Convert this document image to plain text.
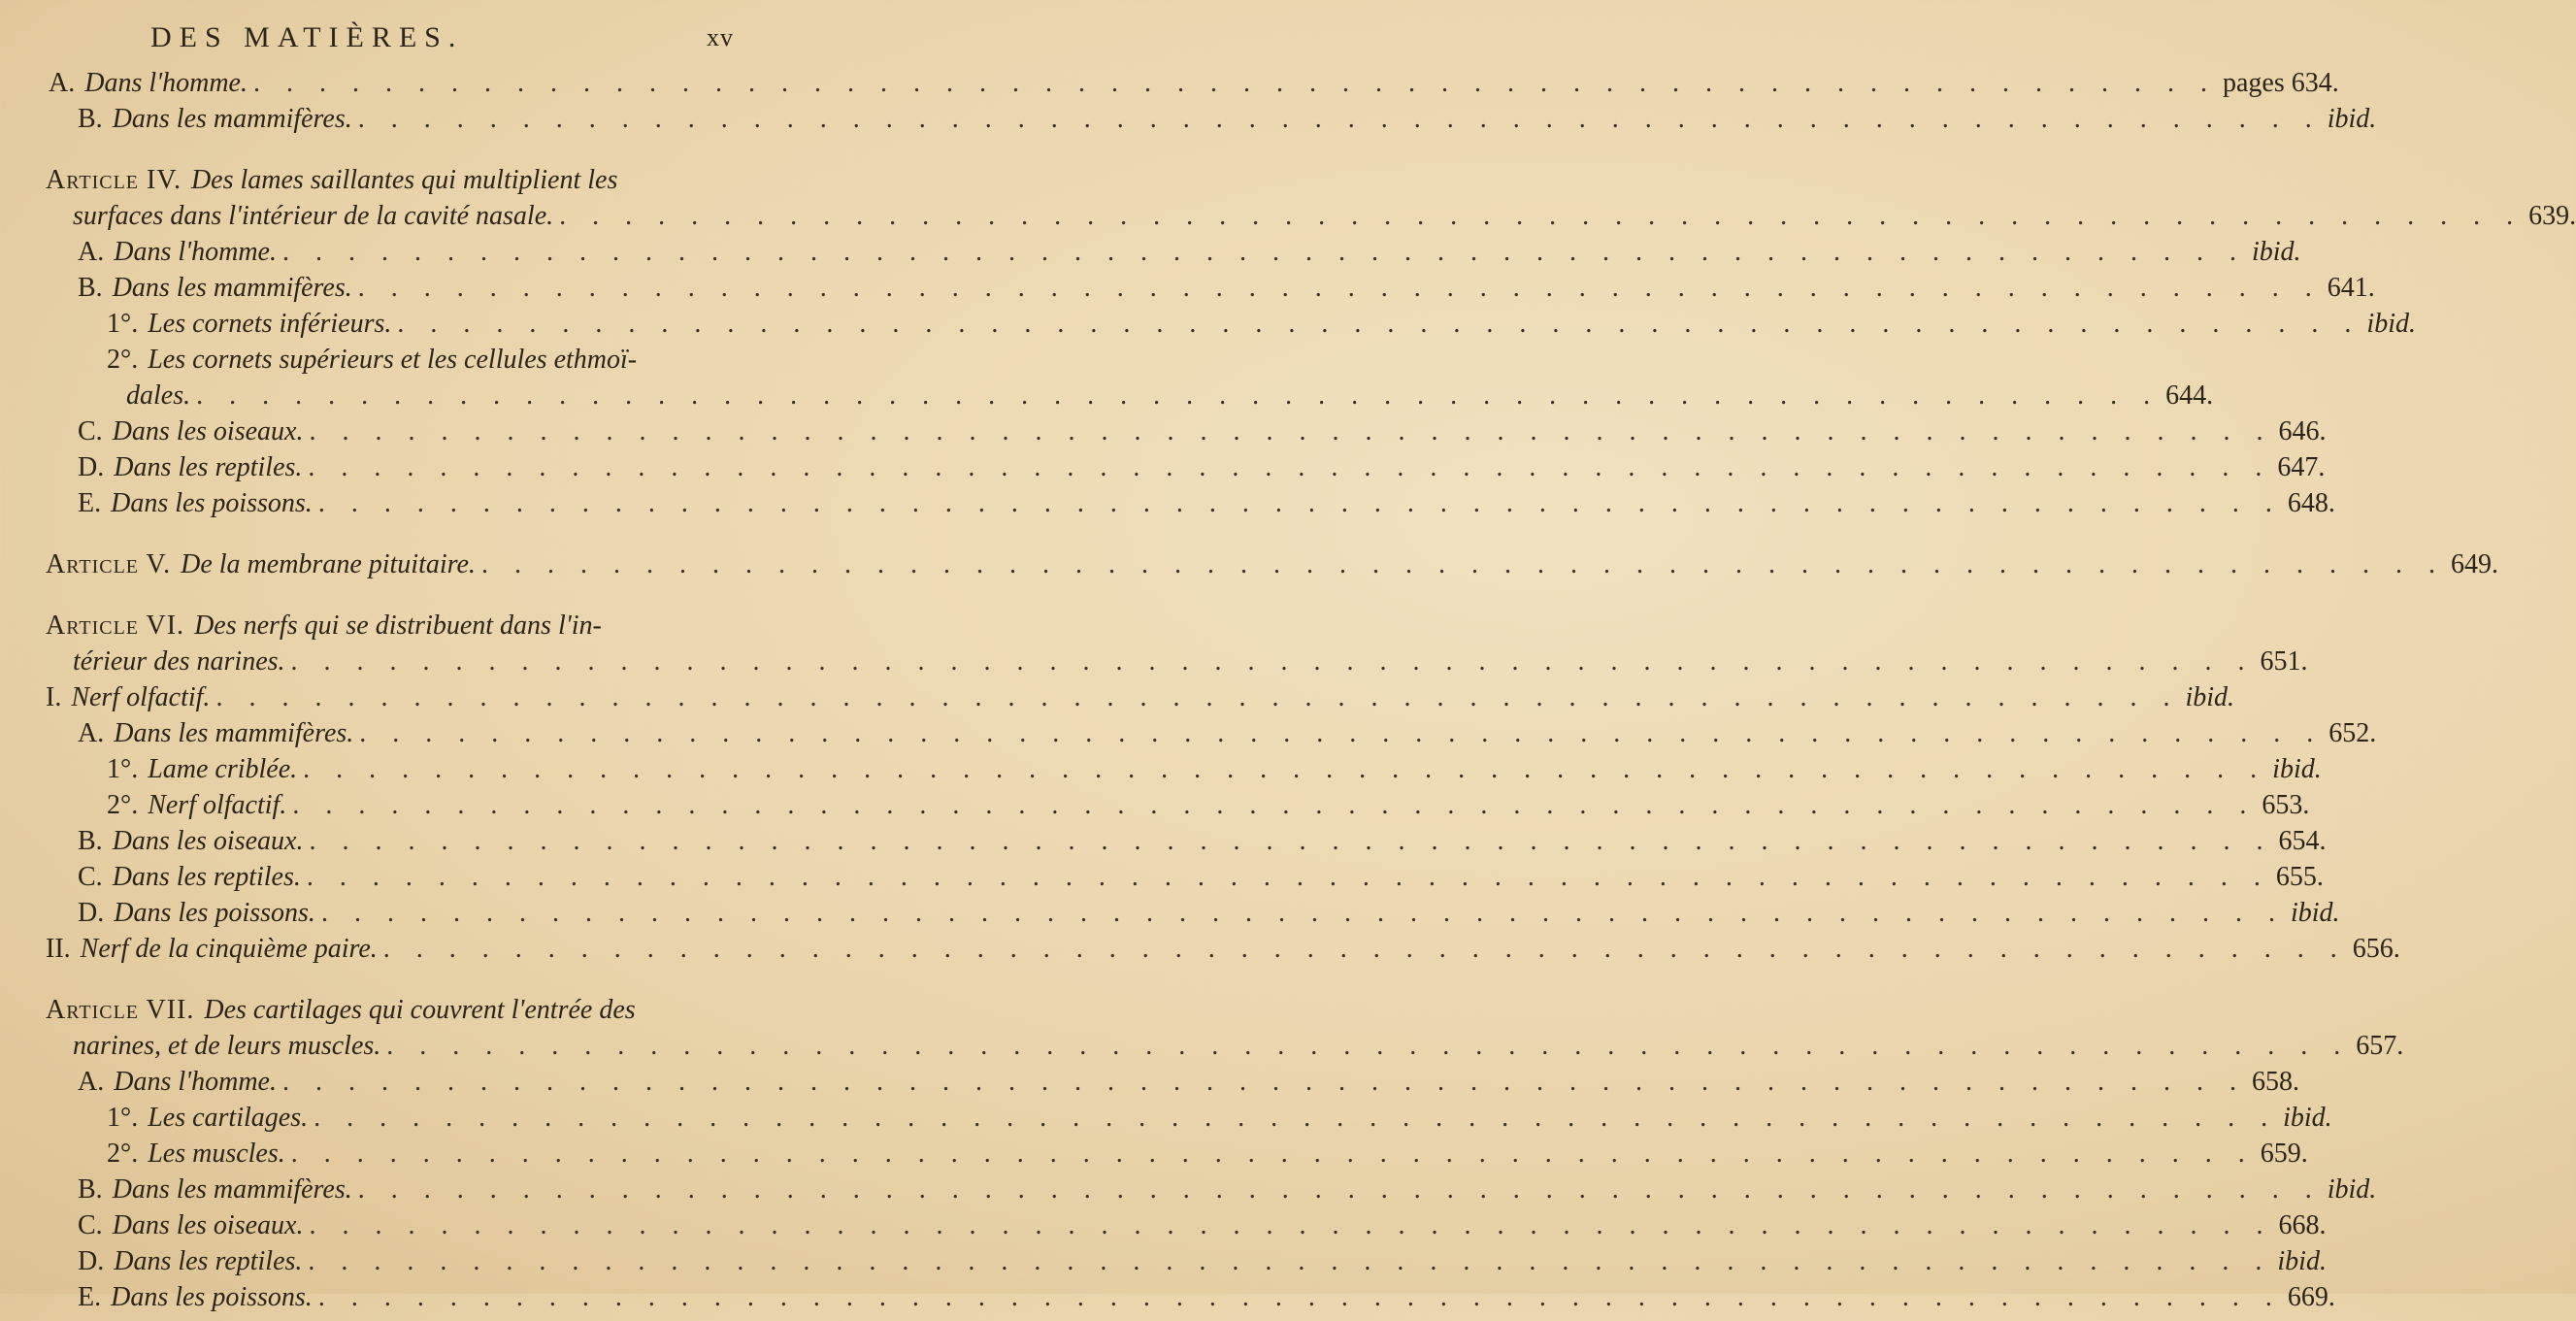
DES MATIÈRES.	xv
A. Dans l'homme. . . . . . . . . . . . . . . . . . . . . . . . . . . . . . . . . . . . . . . . . . . . . . . . . . . . . . . . . . . . . pages 634.
B. Dans les mammifères. . . . . . . . . . . . . . . . . . . . . . . . . . . . . . . . . . . . . . . . . . . . . . . . . . . . . . . . . . . . . ibid.
Article IV. Des lames saillantes qui multiplient les
surfaces dans l'intérieur de la cavité nasale. . . . . . . . . . . . . . . . . . . . . . . . . . . . . . . . . . . . . . . . . . . . . . . . . . . . . . . . . . . . . 639.
A. Dans l'homme. . . . . . . . . . . . . . . . . . . . . . . . . . . . . . . . . . . . . . . . . . . . . . . . . . . . . . . . . . . . . ibid.
B. Dans les mammifères. . . . . . . . . . . . . . . . . . . . . . . . . . . . . . . . . . . . . . . . . . . . . . . . . . . . . . . . . . . . . 641.
1°. Les cornets inférieurs. . . . . . . . . . . . . . . . . . . . . . . . . . . . . . . . . . . . . . . . . . . . . . . . . . . . . . . . . . . . . ibid.
2°. Les cornets supérieurs et les cellules ethmoï-
dales. . . . . . . . . . . . . . . . . . . . . . . . . . . . . . . . . . . . . . . . . . . . . . . . . . . . . . . . . . . . . 644.
C. Dans les oiseaux. . . . . . . . . . . . . . . . . . . . . . . . . . . . . . . . . . . . . . . . . . . . . . . . . . . . . . . . . . . . . 646.
D. Dans les reptiles. . . . . . . . . . . . . . . . . . . . . . . . . . . . . . . . . . . . . . . . . . . . . . . . . . . . . . . . . . . . . 647.
E. Dans les poissons. . . . . . . . . . . . . . . . . . . . . . . . . . . . . . . . . . . . . . . . . . . . . . . . . . . . . . . . . . . . . 648.
Article V. De la membrane pituitaire. . . . . . . . . . . . . . . . . . . . . . . . . . . . . . . . . . . . . . . . . . . . . . . . . . . . . . . . . . . . . 649.
Article VI. Des nerfs qui se distribuent dans l'in-
térieur des narines. . . . . . . . . . . . . . . . . . . . . . . . . . . . . . . . . . . . . . . . . . . . . . . . . . . . . . . . . . . . . 651.
I. Nerf olfactif. . . . . . . . . . . . . . . . . . . . . . . . . . . . . . . . . . . . . . . . . . . . . . . . . . . . . . . . . . . . . ibid.
A. Dans les mammifères. . . . . . . . . . . . . . . . . . . . . . . . . . . . . . . . . . . . . . . . . . . . . . . . . . . . . . . . . . . . . 652.
1°. Lame criblée. . . . . . . . . . . . . . . . . . . . . . . . . . . . . . . . . . . . . . . . . . . . . . . . . . . . . . . . . . . . . ibid.
2°. Nerf olfactif. . . . . . . . . . . . . . . . . . . . . . . . . . . . . . . . . . . . . . . . . . . . . . . . . . . . . . . . . . . . . 653.
B. Dans les oiseaux. . . . . . . . . . . . . . . . . . . . . . . . . . . . . . . . . . . . . . . . . . . . . . . . . . . . . . . . . . . . . 654.
C. Dans les reptiles. . . . . . . . . . . . . . . . . . . . . . . . . . . . . . . . . . . . . . . . . . . . . . . . . . . . . . . . . . . . . 655.
D. Dans les poissons. . . . . . . . . . . . . . . . . . . . . . . . . . . . . . . . . . . . . . . . . . . . . . . . . . . . . . . . . . . . . ibid.
II. Nerf de la cinquième paire. . . . . . . . . . . . . . . . . . . . . . . . . . . . . . . . . . . . . . . . . . . . . . . . . . . . . . . . . . . . . 656.
Article VII. Des cartilages qui couvrent l'entrée des
narines, et de leurs muscles. . . . . . . . . . . . . . . . . . . . . . . . . . . . . . . . . . . . . . . . . . . . . . . . . . . . . . . . . . . . . 657.
A. Dans l'homme. . . . . . . . . . . . . . . . . . . . . . . . . . . . . . . . . . . . . . . . . . . . . . . . . . . . . . . . . . . . . 658.
1°. Les cartilages. . . . . . . . . . . . . . . . . . . . . . . . . . . . . . . . . . . . . . . . . . . . . . . . . . . . . . . . . . . . . ibid.
2°. Les muscles. . . . . . . . . . . . . . . . . . . . . . . . . . . . . . . . . . . . . . . . . . . . . . . . . . . . . . . . . . . . . 659.
B. Dans les mammifères. . . . . . . . . . . . . . . . . . . . . . . . . . . . . . . . . . . . . . . . . . . . . . . . . . . . . . . . . . . . . ibid.
C. Dans les oiseaux. . . . . . . . . . . . . . . . . . . . . . . . . . . . . . . . . . . . . . . . . . . . . . . . . . . . . . . . . . . . . 668.
D. Dans les reptiles. . . . . . . . . . . . . . . . . . . . . . . . . . . . . . . . . . . . . . . . . . . . . . . . . . . . . . . . . . . . . ibid.
E. Dans les poissons. . . . . . . . . . . . . . . . . . . . . . . . . . . . . . . . . . . . . . . . . . . . . . . . . . . . . . . . . . . . . 669.
